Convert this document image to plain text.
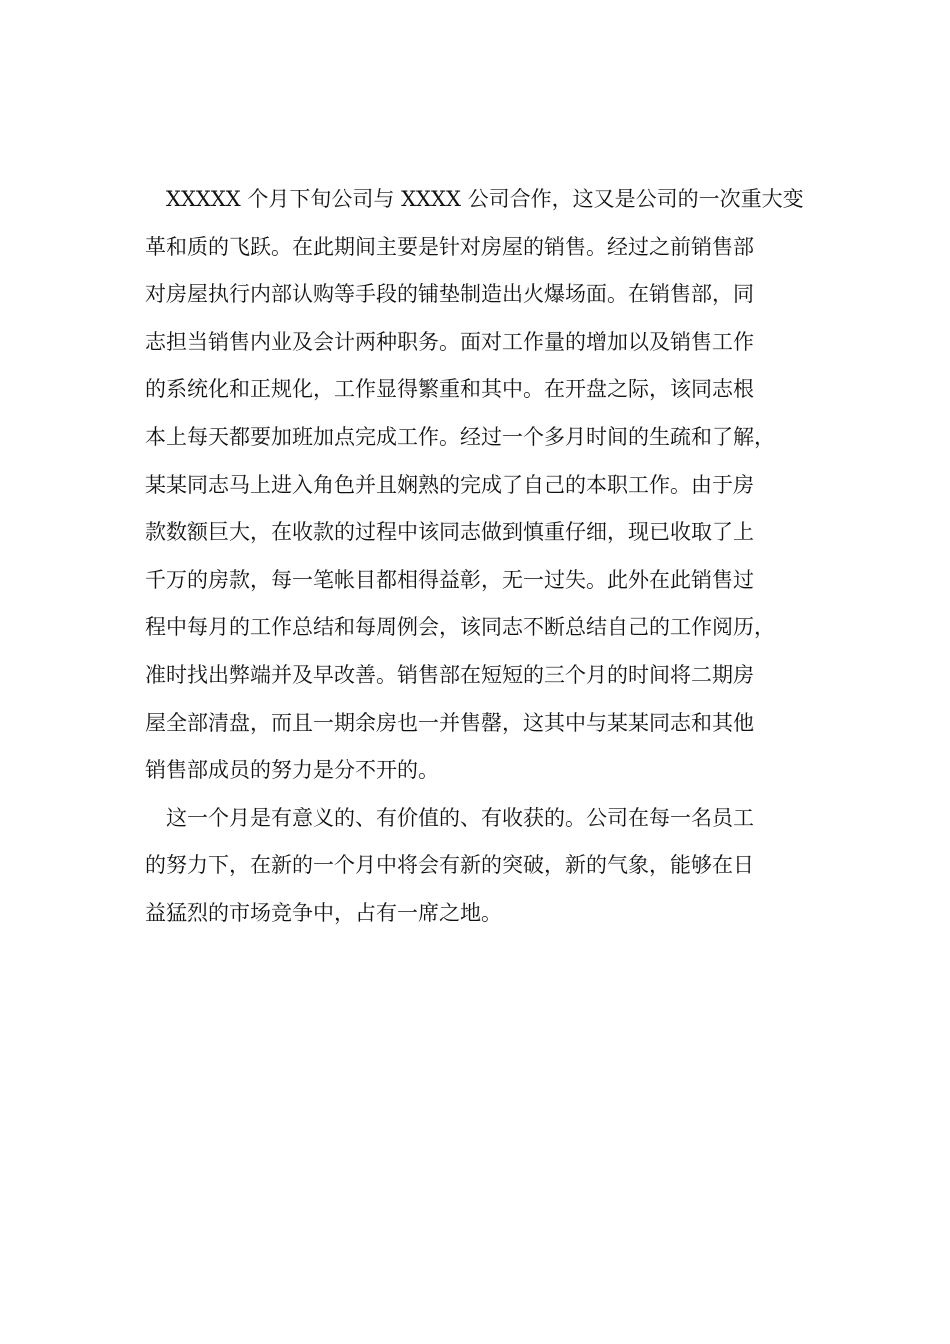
XXXXX 个月下旬公司与 XXXX 公司合作，这又是公司的一次重大变
革和质的飞跃。在此期间主要是针对房屋的销售。经过之前销售部
对房屋执行内部认购等手段的铺垫制造出火爆场面。在销售部，同
志担当销售内业及会计两种职务。面对工作量的增加以及销售工作
的系统化和正规化，工作显得繁重和其中。在开盘之际，该同志根
本上每天都要加班加点完成工作。经过一个多月时间的生疏和了解，
某某同志马上进入角色并且娴熟的完成了自己的本职工作。由于房
款数额巨大，在收款的过程中该同志做到慎重仔细，现已收取了上
千万的房款，每一笔帐目都相得益彰，无一过失。此外在此销售过
程中每月的工作总结和每周例会，该同志不断总结自己的工作阅历，
准时找出弊端并及早改善。销售部在短短的三个月的时间将二期房
屋全部清盘，而且一期余房也一并售罄，这其中与某某同志和其他
销售部成员的努力是分不开的。
这一个月是有意义的、有价值的、有收获的。公司在每一名员工
的努力下，在新的一个月中将会有新的突破，新的气象，能够在日
益猛烈的市场竞争中，占有一席之地。
